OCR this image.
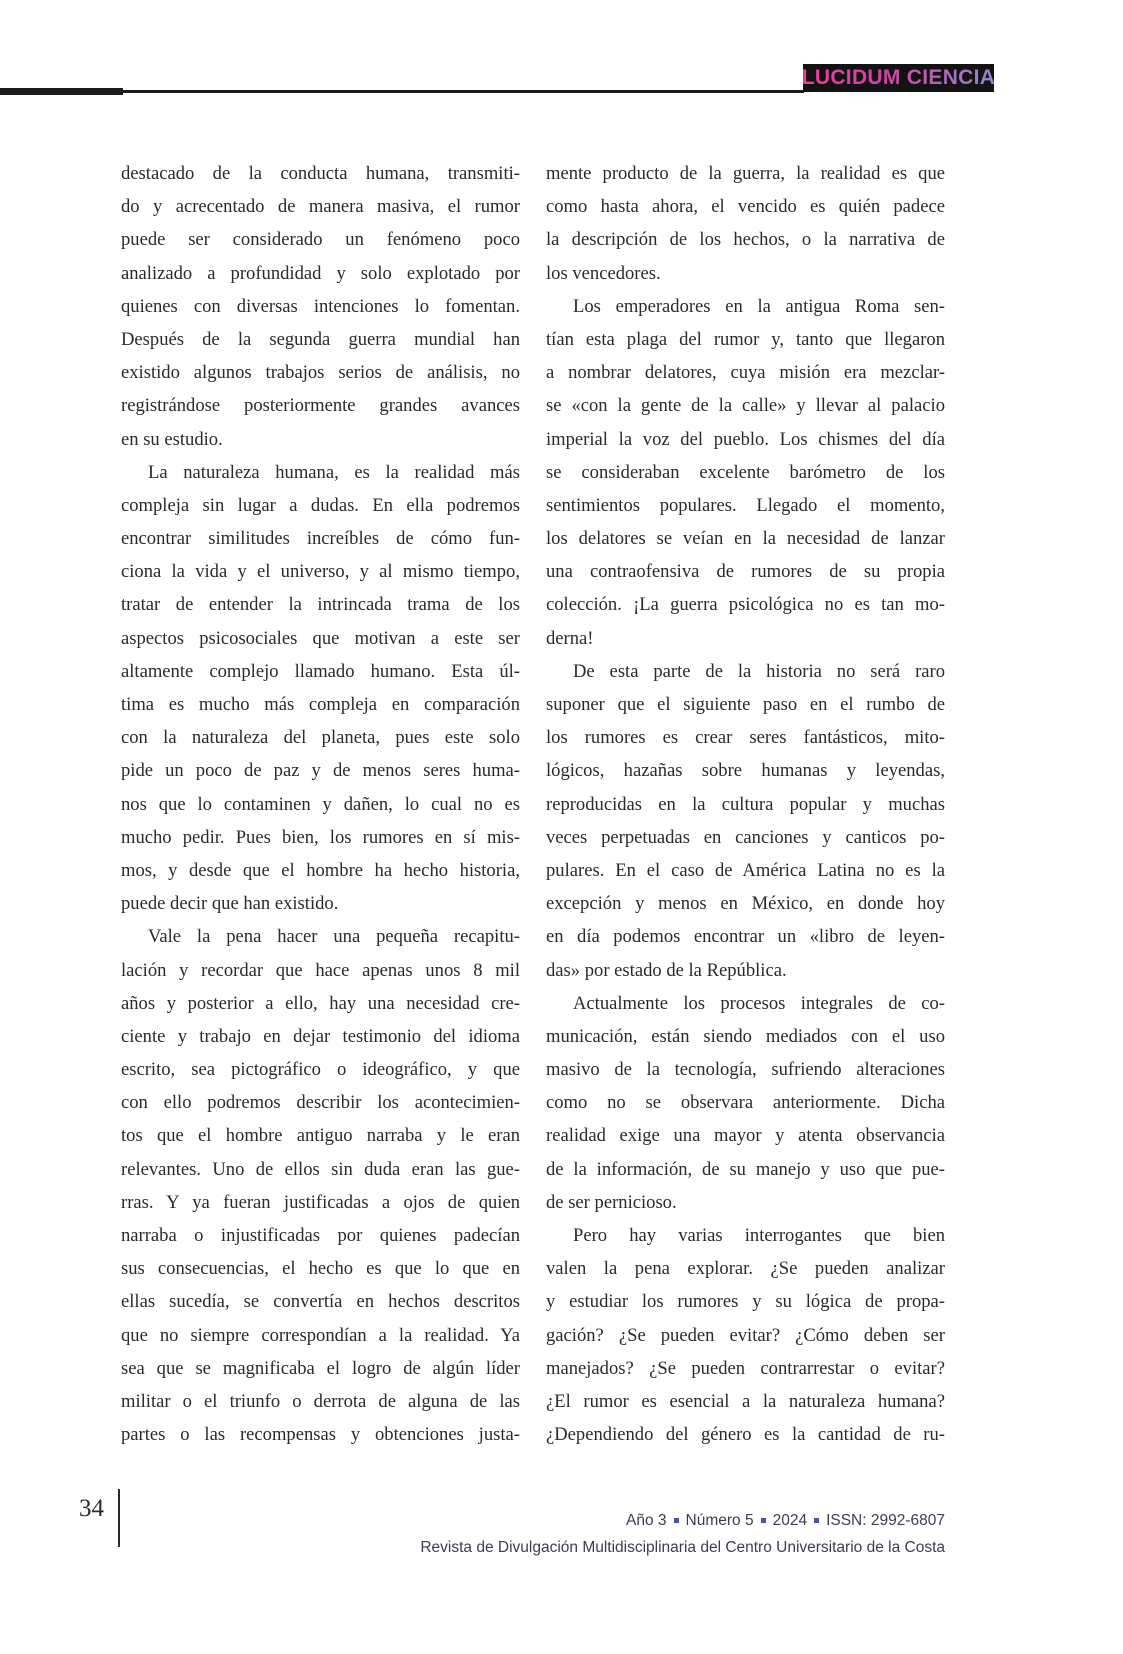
LUCIDUM CIENCIA
destacado de la conducta humana, transmiti-
do y acrecentado de manera masiva, el rumor
puede ser considerado un fenómeno poco
analizado a profundidad y solo explotado por
quienes con diversas intenciones lo fomentan.
Después de la segunda guerra mundial han
existido algunos trabajos serios de análisis, no
registrándose posteriormente grandes avances
en su estudio.
La naturaleza humana, es la realidad más
compleja sin lugar a dudas. En ella podremos
encontrar similitudes increíbles de cómo fun-
ciona la vida y el universo, y al mismo tiempo,
tratar de entender la intrincada trama de los
aspectos psicosociales que motivan a este ser
altamente complejo llamado humano. Esta úl-
tima es mucho más compleja en comparación
con la naturaleza del planeta, pues este solo
pide un poco de paz y de menos seres huma-
nos que lo contaminen y dañen, lo cual no es
mucho pedir. Pues bien, los rumores en sí mis-
mos, y desde que el hombre ha hecho historia,
puede decir que han existido.
Vale la pena hacer una pequeña recapitu-
lación y recordar que hace apenas unos 8 mil
años y posterior a ello, hay una necesidad cre-
ciente y trabajo en dejar testimonio del idioma
escrito, sea pictográfico o ideográfico, y que
con ello podremos describir los acontecimien-
tos que el hombre antiguo narraba y le eran
relevantes. Uno de ellos sin duda eran las gue-
rras. Y ya fueran justificadas a ojos de quien
narraba o injustificadas por quienes padecían
sus consecuencias, el hecho es que lo que en
ellas sucedía, se convertía en hechos descritos
que no siempre correspondían a la realidad. Ya
sea que se magnificaba el logro de algún líder
militar o el triunfo o derrota de alguna de las
partes o las recompensas y obtenciones justa-
mente producto de la guerra, la realidad es que
como hasta ahora, el vencido es quién padece
la descripción de los hechos, o la narrativa de
los vencedores.
Los emperadores en la antigua Roma sen-
tían esta plaga del rumor y, tanto que llegaron
a nombrar delatores, cuya misión era mezclar-
se «con la gente de la calle» y llevar al palacio
imperial la voz del pueblo. Los chismes del día
se consideraban excelente barómetro de los
sentimientos populares. Llegado el momento,
los delatores se veían en la necesidad de lanzar
una contraofensiva de rumores de su propia
colección. ¡La guerra psicológica no es tan mo-
derna!
De esta parte de la historia no será raro
suponer que el siguiente paso en el rumbo de
los rumores es crear seres fantásticos, mito-
lógicos, hazañas sobre humanas y leyendas,
reproducidas en la cultura popular y muchas
veces perpetuadas en canciones y canticos po-
pulares. En el caso de América Latina no es la
excepción y menos en México, en donde hoy
en día podemos encontrar un «libro de leyen-
das» por estado de la República.
Actualmente los procesos integrales de co-
municación, están siendo mediados con el uso
masivo de la tecnología, sufriendo alteraciones
como no se observara anteriormente. Dicha
realidad exige una mayor y atenta observancia
de la información, de su manejo y uso que pue-
de ser pernicioso.
Pero hay varias interrogantes que bien
valen la pena explorar. ¿Se pueden analizar
y estudiar los rumores y su lógica de propa-
gación? ¿Se pueden evitar? ¿Cómo deben ser
manejados? ¿Se pueden contrarrestar o evitar?
¿El rumor es esencial a la naturaleza humana?
¿Dependiendo del género es la cantidad de ru-
34	Año 3 Número 5 2024 ISSN: 2992-6807
Revista de Divulgación Multidisciplinaria del Centro Universitario de la Costa
